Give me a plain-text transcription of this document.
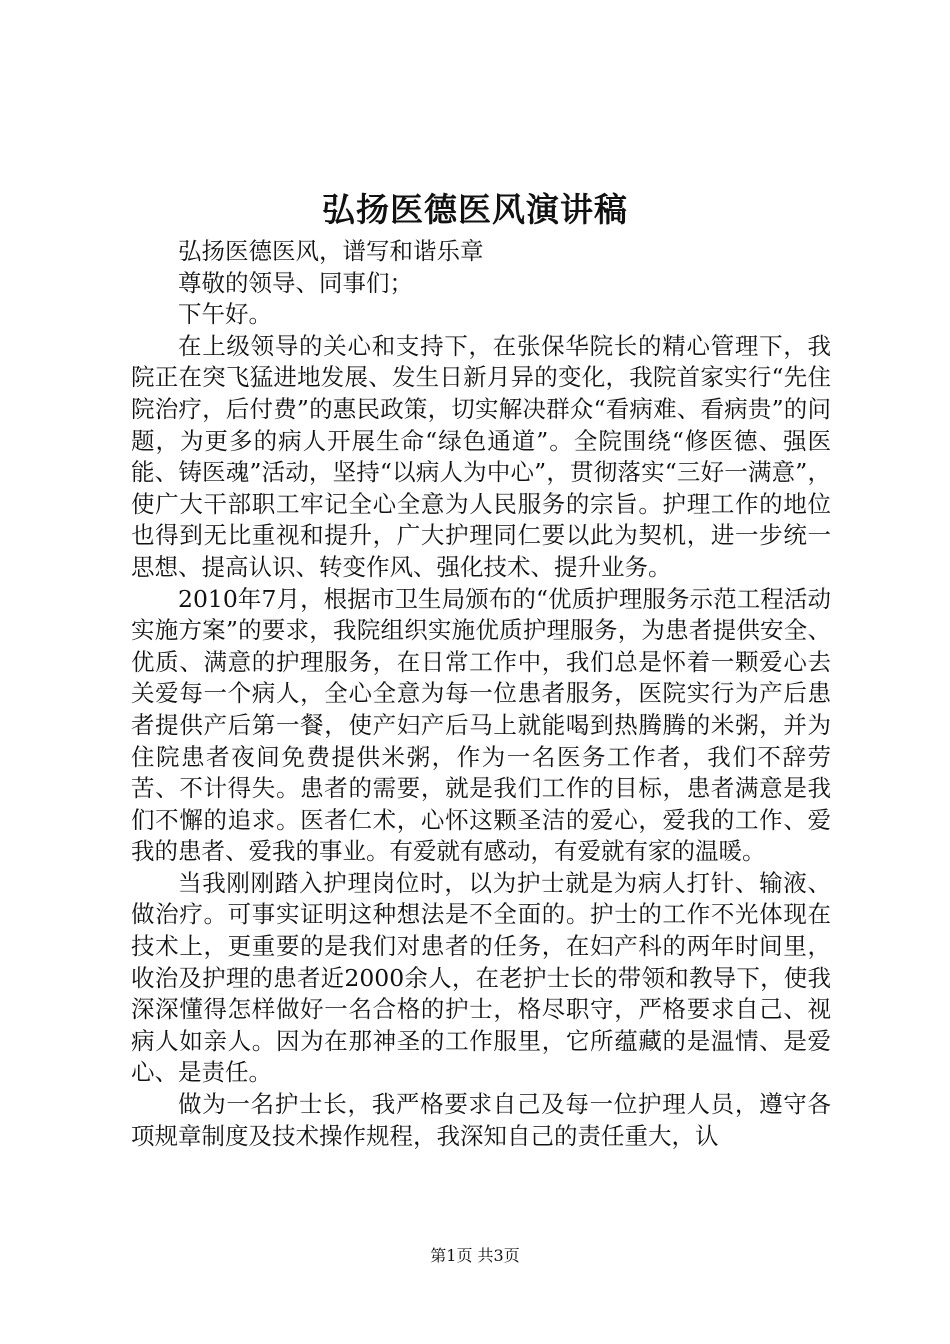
弘扬医德医风演讲稿

弘扬医德医风，谱写和谐乐章

尊敬的领导、同事们；

下午好。

在上级领导的关心和支持下，在张保华院长的精心管理下，我院正在突飞猛进地发展、发生日新月异的变化，我院首家实行“先住院治疗，后付费”的惠民政策，切实解决群众“看病难、看病贵”的问题，为更多的病人开展生命“绿色通道”。全院围绕“修医德、强医能、铸医魂”活动，坚持“以病人为中心”，贯彻落实“三好一满意”，使广大干部职工牢记全心全意为人民服务的宗旨。护理工作的地位也得到无比重视和提升，广大护理同仁要以此为契机，进一步统一思想、提高认识、转变作风、强化技术、提升业务。

2010年7月，根据市卫生局颁布的“优质护理服务示范工程活动实施方案”的要求，我院组织实施优质护理服务，为患者提供安全、优质、满意的护理服务，在日常工作中，我们总是怀着一颗爱心去关爱每一个病人，全心全意为每一位患者服务，医院实行为产后患者提供产后第一餐，使产妇产后马上就能喝到热腾腾的米粥，并为住院患者夜间免费提供米粥，作为一名医务工作者，我们不辞劳苦、不计得失。患者的需要，就是我们工作的目标，患者满意是我们不懈的追求。医者仁术，心怀这颗圣洁的爱心，爱我的工作、爱我的患者、爱我的事业。有爱就有感动，有爱就有家的温暖。

当我刚刚踏入护理岗位时，以为护士就是为病人打针、输液、做治疗。可事实证明这种想法是不全面的。护士的工作不光体现在技术上，更重要的是我们对患者的任务，在妇产科的两年时间里，收治及护理的患者近2000余人，在老护士长的带领和教导下，使我深深懂得怎样做好一名合格的护士，格尽职守，严格要求自己、视病人如亲人。因为在那神圣的工作服里，它所蕴藏的是温情、是爱心、是责任。

做为一名护士长，我严格要求自己及每一位护理人员，遵守各项规章制度及技术操作规程，我深知自己的责任重大，认

第1页 共3页
